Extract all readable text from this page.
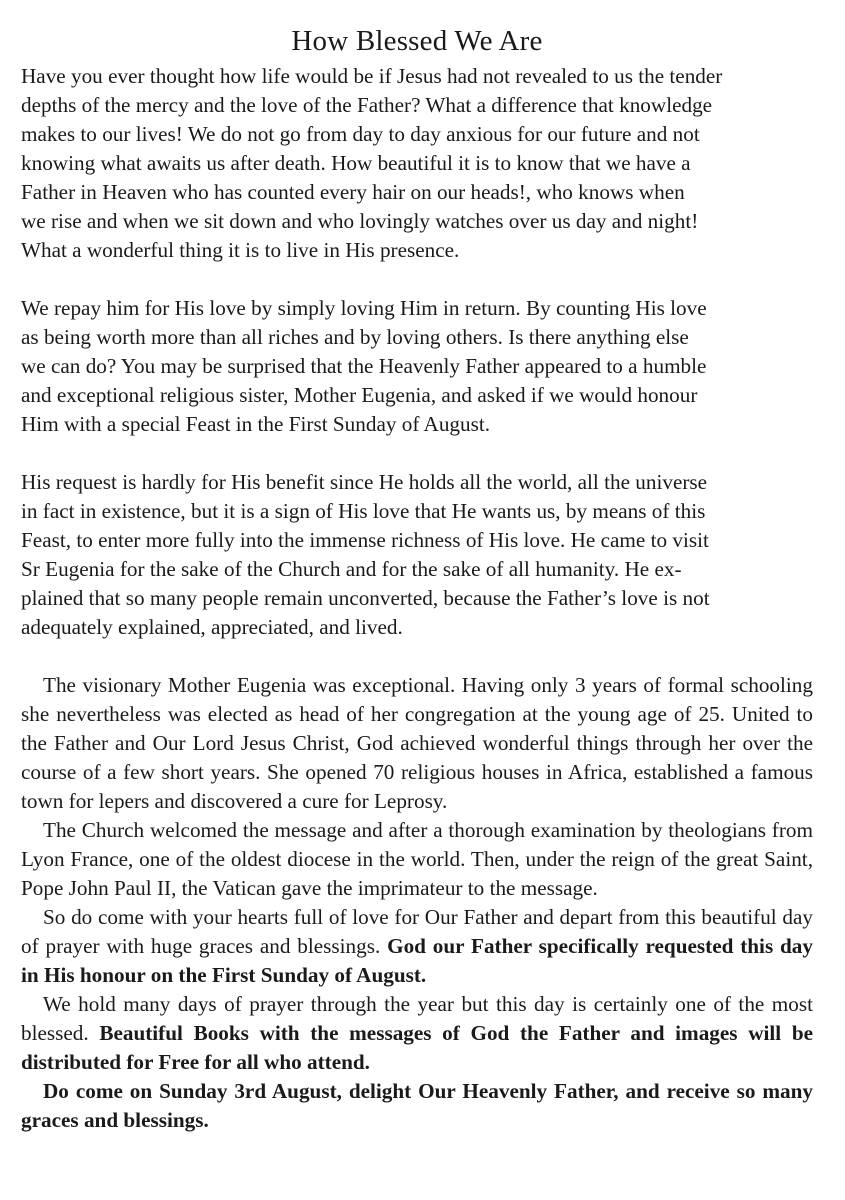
How Blessed We Are

Have you ever thought how life would be if Jesus had not revealed to us the tender
depths of the mercy and the love of the Father? What a difference that knowledge
makes to our lives! We do not go from day to day anxious for our future and not
knowing what awaits us after death. How beautiful it is to know that we have a
Father in Heaven who has counted every hair on our heads!, who knows when
we rise and when we sit down and who lovingly watches over us day and night!
What a wonderful thing it is to live in His presence.

We repay him for His love by simply loving Him in return. By counting His love
as being worth more than all riches and by loving others. Is there anything else
we can do? You may be surprised that the Heavenly Father appeared to a humble
and exceptional religious sister, Mother Eugenia, and asked if we would honour
Him with a special Feast in the First Sunday of August.

His request is hardly for His benefit since He holds all the world, all the universe
in fact in existence, but it is a sign of His love that He wants us, by means of this
Feast, to enter more fully into the immense richness of His love. He came to visit
Sr Eugenia for the sake of the Church and for the sake of all humanity. He ex-
plained that so many people remain unconverted, because the Father’s love is not
adequately explained, appreciated, and lived.

The visionary Mother Eugenia was exceptional. Having only 3 years of formal schooling she nevertheless was elected as head of her congregation at the young age of 25. United to the Father and Our Lord Jesus Christ, God achieved wonderful things through her over the course of a few short years. She opened 70 religious houses in Africa, established a famous town for lepers and discovered a cure for Leprosy.

The Church welcomed the message and after a thorough examination by theologians from Lyon France, one of the oldest diocese in the world. Then, under the reign of the great Saint, Pope John Paul II, the Vatican gave the imprimateur to the message.

So do come with your hearts full of love for Our Father and depart from this beautiful day of prayer with huge graces and blessings. God our Father specifically requested this day in His honour on the First Sunday of August.

We hold many days of prayer through the year but this day is certainly one of the most blessed. Beautiful Books with the messages of God the Father and images will be distributed for Free for all who attend.

Do come on Sunday 3rd August, delight Our Heavenly Father, and receive so many graces and blessings.
